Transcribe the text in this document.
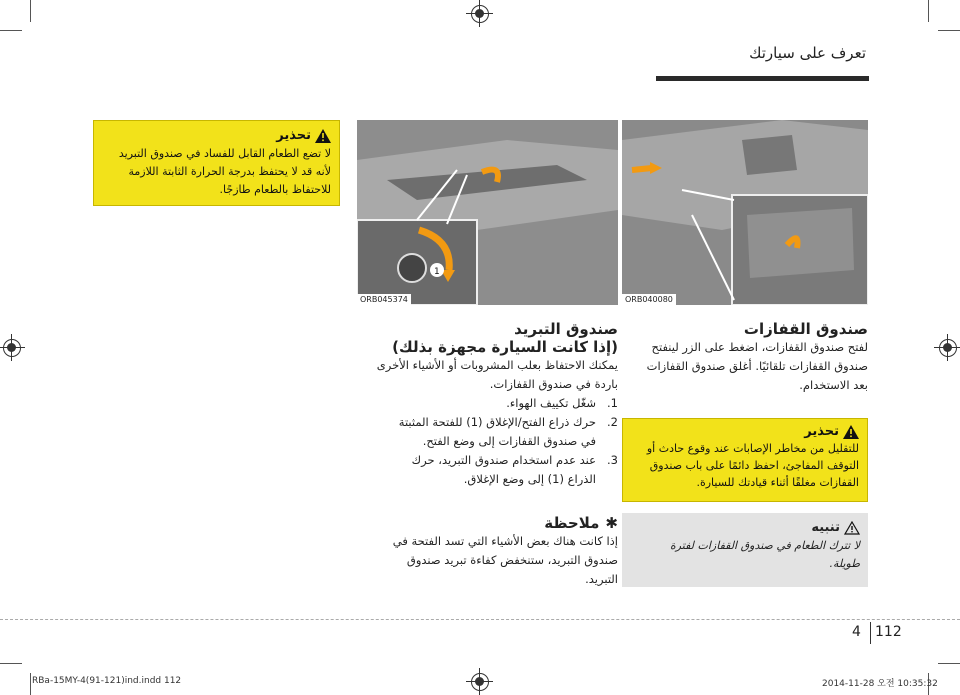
تعرف على سيارتك
تحذير
لا تضع الطعام القابل للفساد في صندوق التبريد
لأنه قد لا يحتفظ بدرجة الحرارة الثابتة اللازمة
للاحتفاظ بالطعام طازجًا.
1
ORB045374	ORB040080
صندوق التبريد
(إذا كانت السيارة مجهزة بذلك)
يمكنك الاحتفاظ بعلب المشروبات أو الأشياء الأخرى
باردة في صندوق القفازات.
1.
شغّل تكييف الهواء.
2.
حرك ذراع الفتح/الإغلاق (1) للفتحة المثبتة
في صندوق القفازات إلى وضع الفتح.
3.
عند عدم استخدام صندوق التبريد، حرك
الذراع (1) إلى وضع الإغلاق.
✱
ملاحظة
إذا كانت هناك بعض الأشياء التي تسد الفتحة في
صندوق التبريد، ستنخفض كفاءة تبريد صندوق
التبريد.
صندوق القفازات
لفتح صندوق القفازات، اضغط على الزر لينفتح
صندوق القفازات تلقائيًا. أغلق صندوق القفازات
بعد الاستخدام.
تحذير
للتقليل من مخاطر الإصابات عند وقوع حادث أو
التوقف المفاجئ، احفظ دائمًا على باب صندوق
القفازات مغلقًا أثناء قيادتك للسيارة.
تنبيه
لا تترك الطعام في صندوق القفازات لفترة
طويلة.
4 112
RBa-15MY-4(91-121)ind.indd 112	2014-11-28 오전 10:35:32
